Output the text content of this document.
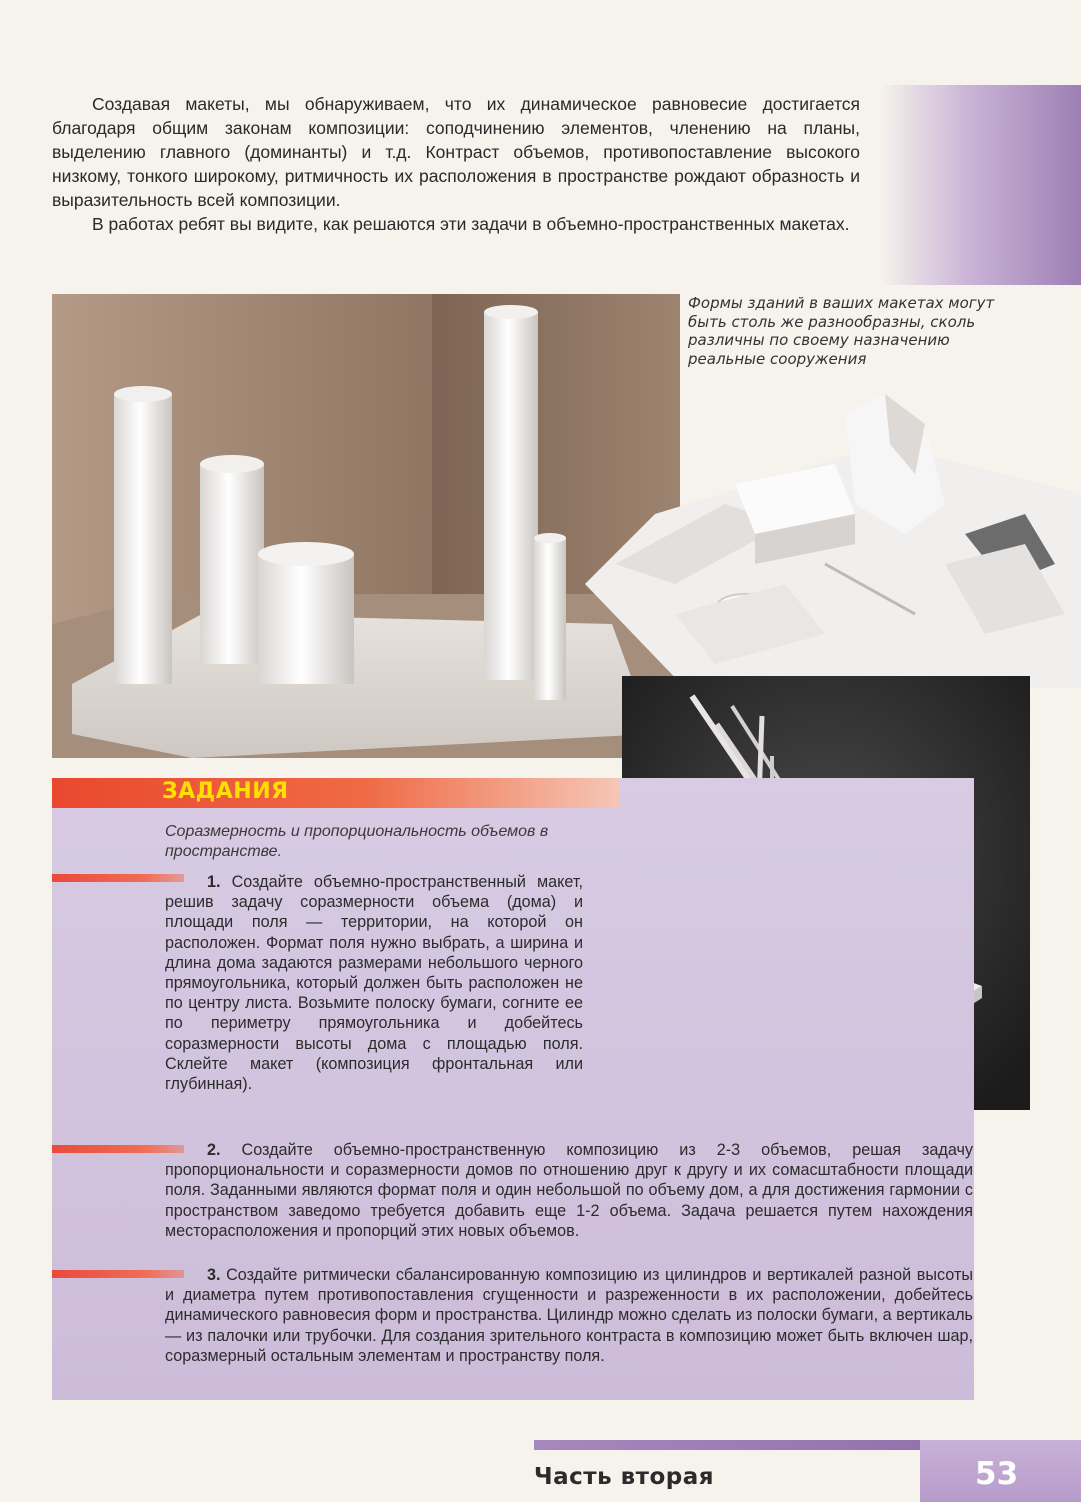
Создавая макеты, мы обнаруживаем, что их динамическое равновесие достигается благодаря общим законам композиции: соподчинению элементов, членению на планы, выделению главного (доминанты) и т.д. Контраст объемов, противопоставление высокого низкому, тонкого широкому, ритмичность их расположения в пространстве рождают образность и выразительность всей композиции.

В работах ребят вы видите, как решаются эти задачи в объемно-пространственных макетах.

Формы зданий в ваших макетах могут быть столь же разнообразны, сколь различны по своему назначению реальные сооружения
ЗАДАНИЯ
Соразмерность и пропорциональность объемов в пространстве.
1. Создайте объемно-пространственный макет, решив задачу соразмерности объема (дома) и площади поля — территории, на которой он расположен. Формат поля нужно выбрать, а ширина и длина дома задаются размерами небольшого черного прямоугольника, который должен быть расположен не по центру листа. Возьмите полоску бумаги, согните ее по периметру прямоугольника и добейтесь соразмерности высоты дома с площадью поля. Склейте макет (композиция фронтальная или глубинная).
2. Создайте объемно-пространственную композицию из 2-3 объемов, решая задачу пропорциональности и соразмерности домов по отношению друг к другу и их сомасштабности площади поля. Заданными являются формат поля и один небольшой по объему дом, а для достижения гармонии с пространством заведомо требуется добавить еще 1-2 объема. Задача решается путем нахождения месторасположения и пропорций этих новых объемов.
3. Создайте ритмически сбалансированную композицию из цилиндров и вертикалей разной высоты и диаметра путем противопоставления сгущенности и разреженности в их расположении, добейтесь динамического равновесия форм и пространства. Цилиндр можно сделать из полоски бумаги, а вертикаль — из палочки или трубочки. Для создания зрительного контраста в композицию может быть включен шар, соразмерный остальным элементам и пространству поля.
Часть вторая	53
